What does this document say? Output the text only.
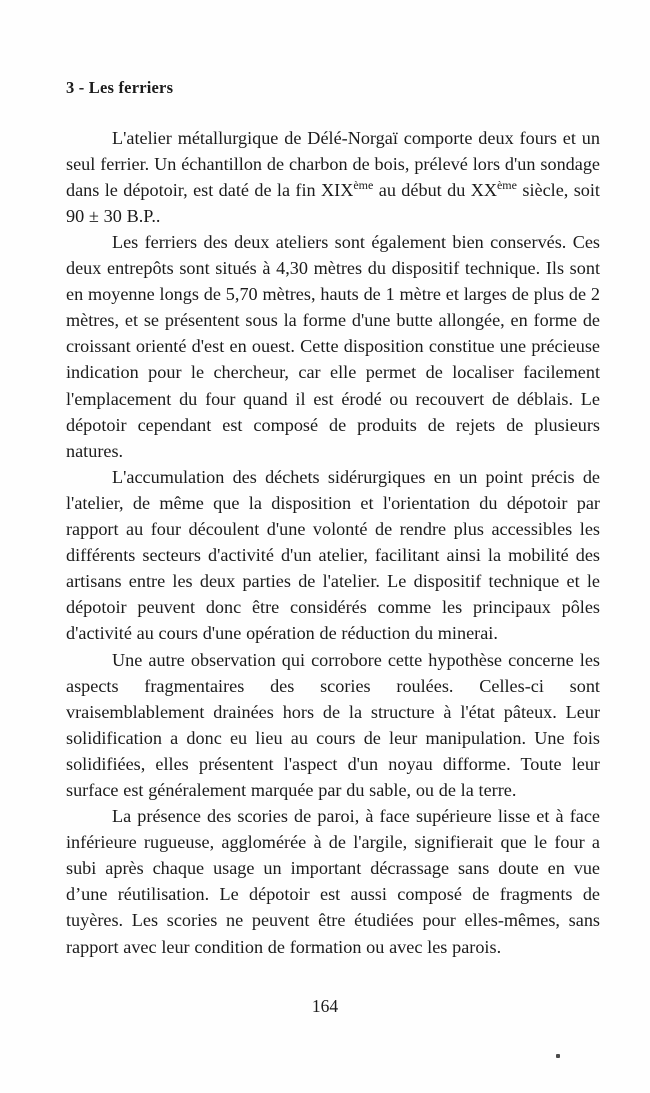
3 - Les ferriers

L'atelier métallurgique de Délé-Norgaï comporte deux fours et un seul ferrier. Un échantillon de charbon de bois, prélevé lors d'un sondage dans le dépotoir, est daté de la fin XIXème au début du XXème siècle, soit 90 ± 30 B.P..

Les ferriers des deux ateliers sont également bien conservés. Ces deux entrepôts sont situés à 4,30 mètres du dispositif technique. Ils sont en moyenne longs de 5,70 mètres, hauts de 1 mètre et larges de plus de 2 mètres, et se présentent sous la forme d'une butte allongée, en forme de croissant orienté d'est en ouest. Cette disposition constitue une précieuse indication pour le chercheur, car elle permet de localiser facilement l'emplacement du four quand il est érodé ou recouvert de déblais. Le dépotoir cependant est composé de produits de rejets de plusieurs natures.

L'accumulation des déchets sidérurgiques en un point précis de l'atelier, de même que la disposition et l'orientation du dépotoir par rapport au four découlent d'une volonté de rendre plus accessibles les différents secteurs d'activité d'un atelier, facilitant ainsi la mobilité des artisans entre les deux parties de l'atelier. Le dispositif technique et le dépotoir peuvent donc être considérés comme les principaux pôles d'activité au cours d'une opération de réduction du minerai.

Une autre observation qui corrobore cette hypothèse concerne les aspects fragmentaires des scories roulées. Celles-ci sont vraisemblablement drainées hors de la structure à l'état pâteux. Leur solidification a donc eu lieu au cours de leur manipulation. Une fois solidifiées, elles présentent l'aspect d'un noyau difforme. Toute leur surface est généralement marquée par du sable, ou de la terre.

La présence des scories de paroi, à face supérieure lisse et à face inférieure rugueuse, agglomérée à de l'argile, signifierait que le four a subi après chaque usage un important décrassage sans doute en vue d’une réutilisation. Le dépotoir est aussi composé de fragments de tuyères. Les scories ne peuvent être étudiées pour elles-mêmes, sans rapport avec leur condition de formation ou avec les parois.

164
